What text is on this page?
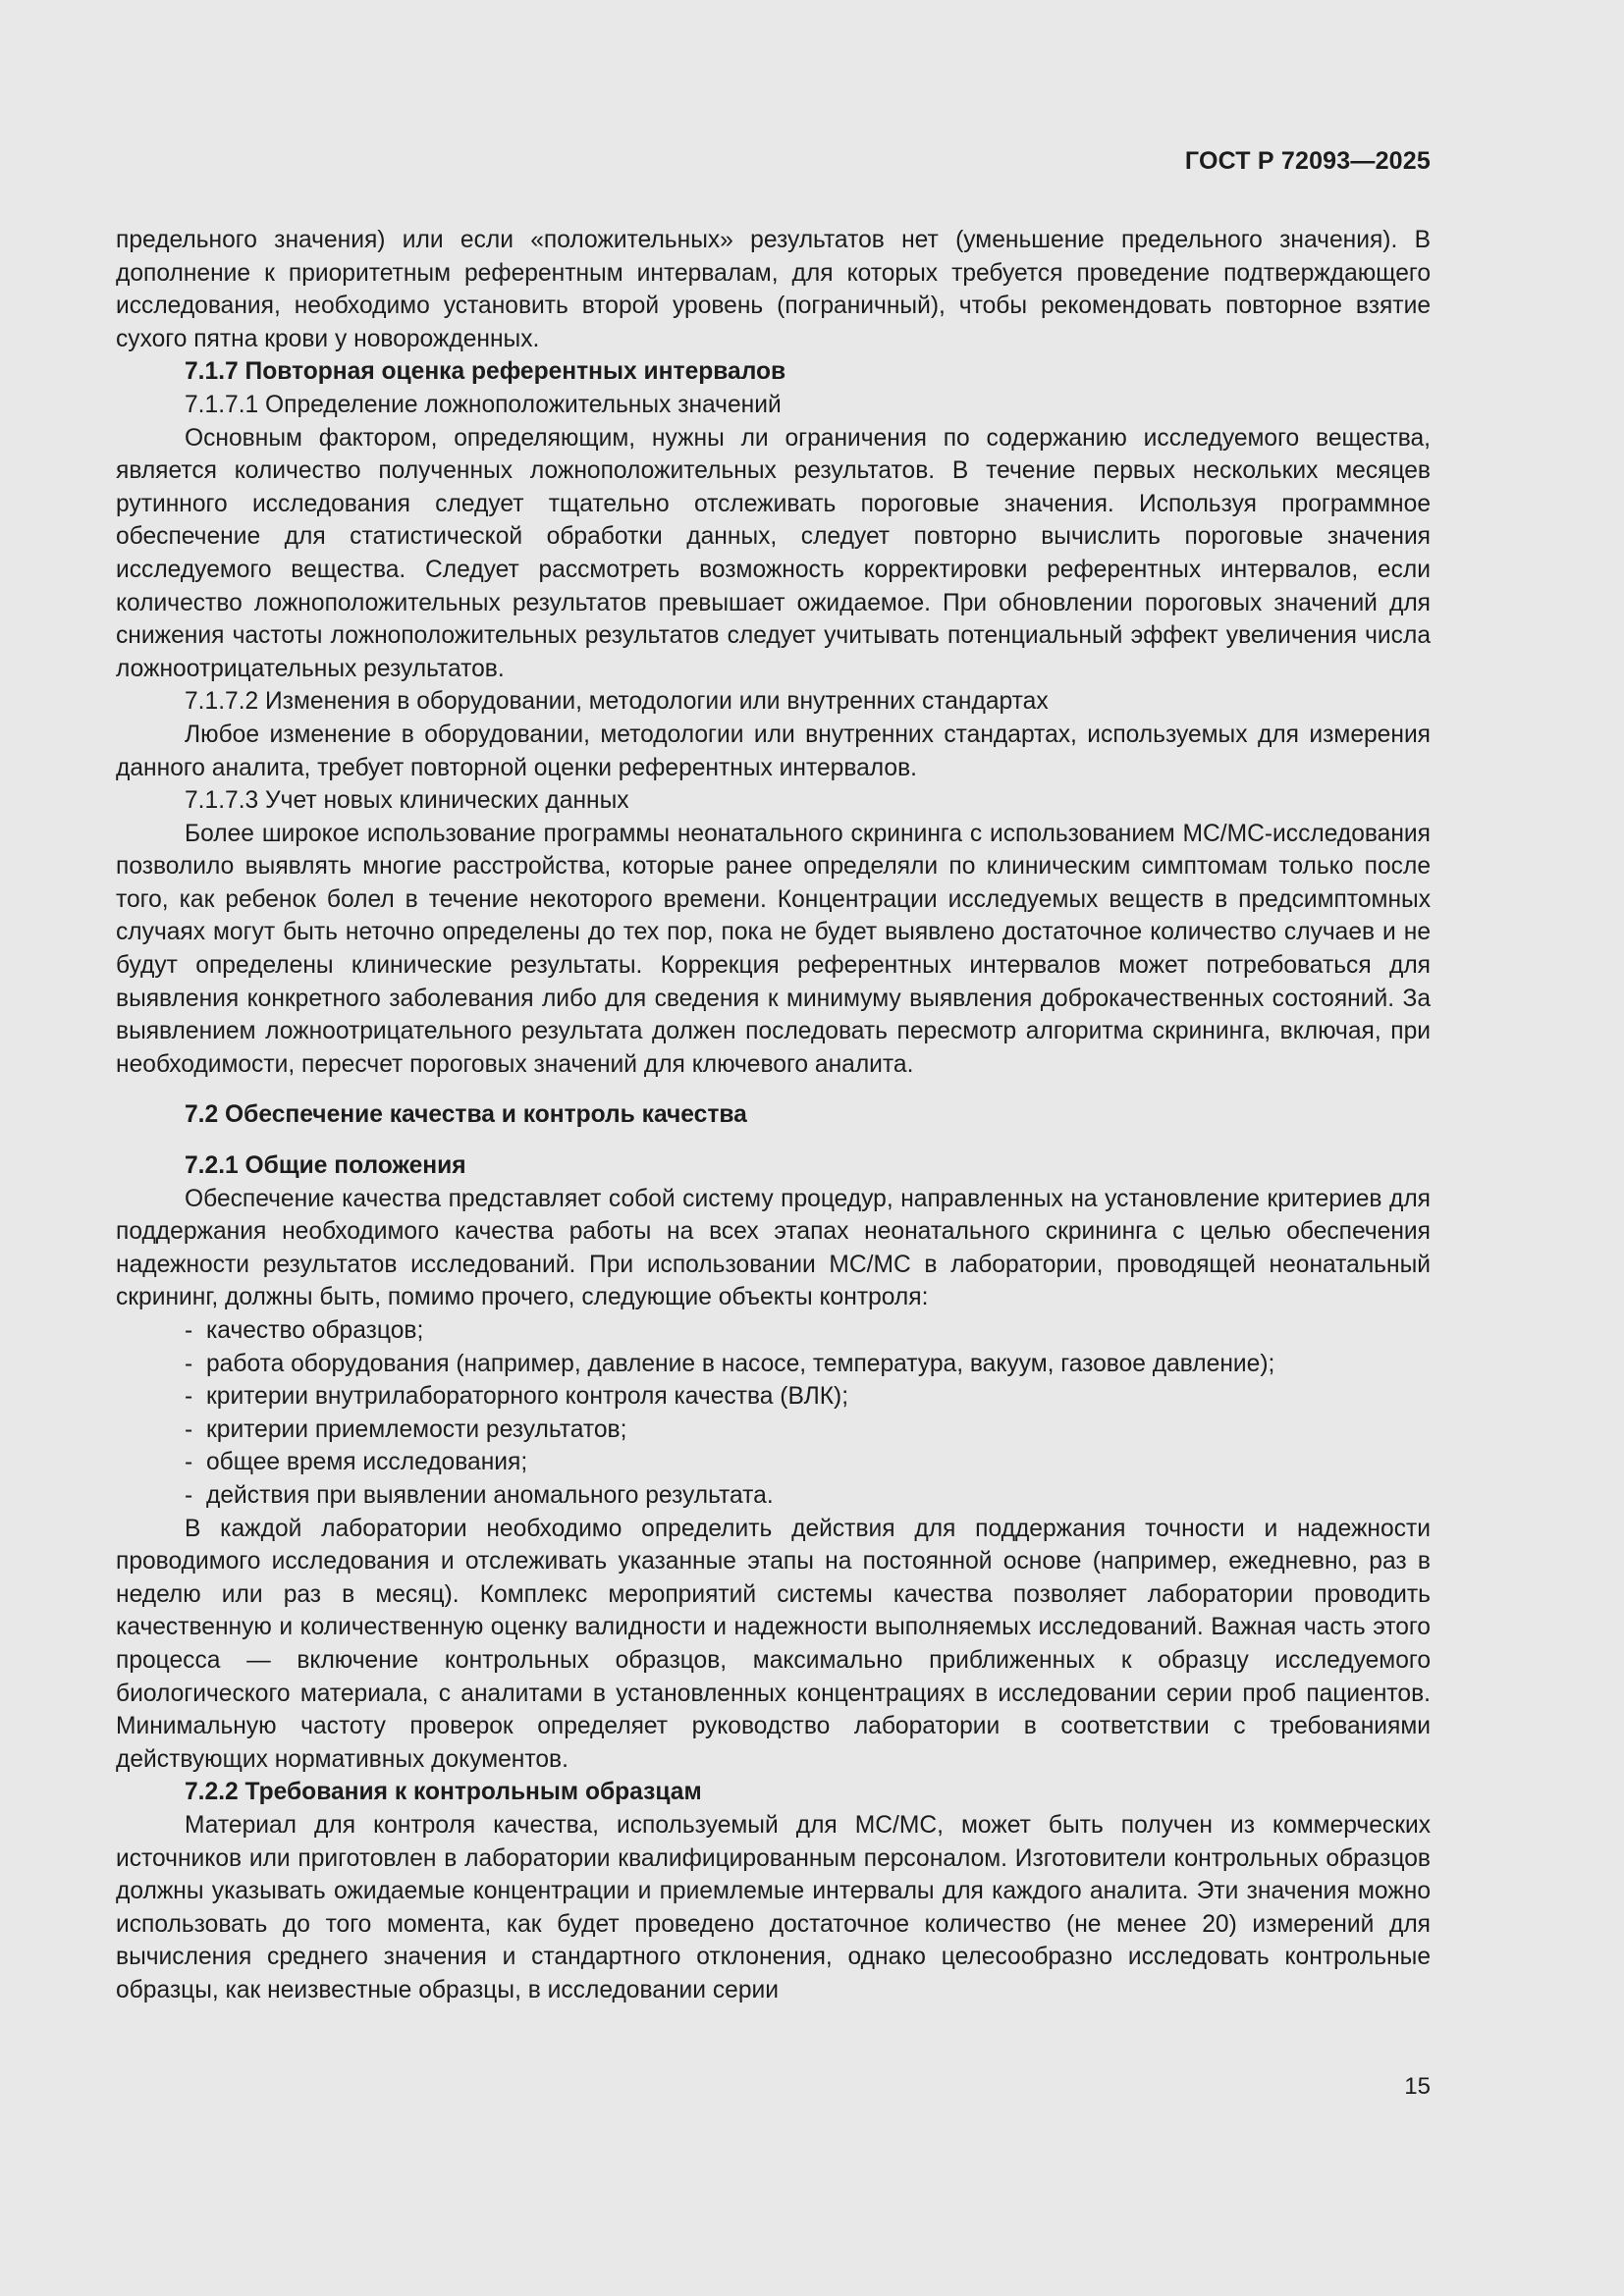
ГОСТ Р 72093—2025

предельного значения) или если «положительных» результатов нет (уменьшение предельного значения). В дополнение к приоритетным референтным интервалам, для которых требуется проведение подтверждающего исследования, необходимо установить второй уровень (пограничный), чтобы рекомендовать повторное взятие сухого пятна крови у новорожденных.

7.1.7 Повторная оценка референтных интервалов
7.1.7.1 Определение ложноположительных значений

Основным фактором, определяющим, нужны ли ограничения по содержанию исследуемого вещества, является количество полученных ложноположительных результатов. В течение первых нескольких месяцев рутинного исследования следует тщательно отслеживать пороговые значения. Используя программное обеспечение для статистической обработки данных, следует повторно вычислить пороговые значения исследуемого вещества. Следует рассмотреть возможность корректировки референтных интервалов, если количество ложноположительных результатов превышает ожидаемое. При обновлении пороговых значений для снижения частоты ложноположительных результатов следует учитывать потенциальный эффект увеличения числа ложноотрицательных результатов.

7.1.7.2 Изменения в оборудовании, методологии или внутренних стандартах

Любое изменение в оборудовании, методологии или внутренних стандартах, используемых для измерения данного аналита, требует повторной оценки референтных интервалов.

7.1.7.3 Учет новых клинических данных

Более широкое использование программы неонатального скрининга с использованием МС/МС-исследования позволило выявлять многие расстройства, которые ранее определяли по клиническим симптомам только после того, как ребенок болел в течение некоторого времени. Концентрации исследуемых веществ в предсимптомных случаях могут быть неточно определены до тех пор, пока не будет выявлено достаточное количество случаев и не будут определены клинические результаты. Коррекция референтных интервалов может потребоваться для выявления конкретного заболевания либо для сведения к минимуму выявления доброкачественных состояний. За выявлением ложноотрицательного результата должен последовать пересмотр алгоритма скрининга, включая, при необходимости, пересчет пороговых значений для ключевого аналита.

7.2 Обеспечение качества и контроль качества
7.2.1 Общие положения

Обеспечение качества представляет собой систему процедур, направленных на установление критериев для поддержания необходимого качества работы на всех этапах неонатального скрининга с целью обеспечения надежности результатов исследований. При использовании МС/МС в лаборатории, проводящей неонатальный скрининг, должны быть, помимо прочего, следующие объекты контроля:

- качество образцов;
- работа оборудования (например, давление в насосе, температура, вакуум, газовое давление);
- критерии внутрилабораторного контроля качества (ВЛК);
- критерии приемлемости результатов;
- общее время исследования;
- действия при выявлении аномального результата.

В каждой лаборатории необходимо определить действия для поддержания точности и надежности проводимого исследования и отслеживать указанные этапы на постоянной основе (например, ежедневно, раз в неделю или раз в месяц). Комплекс мероприятий системы качества позволяет лаборатории проводить качественную и количественную оценку валидности и надежности выполняемых исследований. Важная часть этого процесса — включение контрольных образцов, максимально приближенных к образцу исследуемого биологического материала, с аналитами в установленных концентрациях в исследовании серии проб пациентов. Минимальную частоту проверок определяет руководство лаборатории в соответствии с требованиями действующих нормативных документов.

7.2.2 Требования к контрольным образцам

Материал для контроля качества, используемый для МС/МС, может быть получен из коммерческих источников или приготовлен в лаборатории квалифицированным персоналом. Изготовители контрольных образцов должны указывать ожидаемые концентрации и приемлемые интервалы для каждого аналита. Эти значения можно использовать до того момента, как будет проведено достаточное количество (не менее 20) измерений для вычисления среднего значения и стандартного отклонения, однако целесообразно исследовать контрольные образцы, как неизвестные образцы, в исследовании серии

15
